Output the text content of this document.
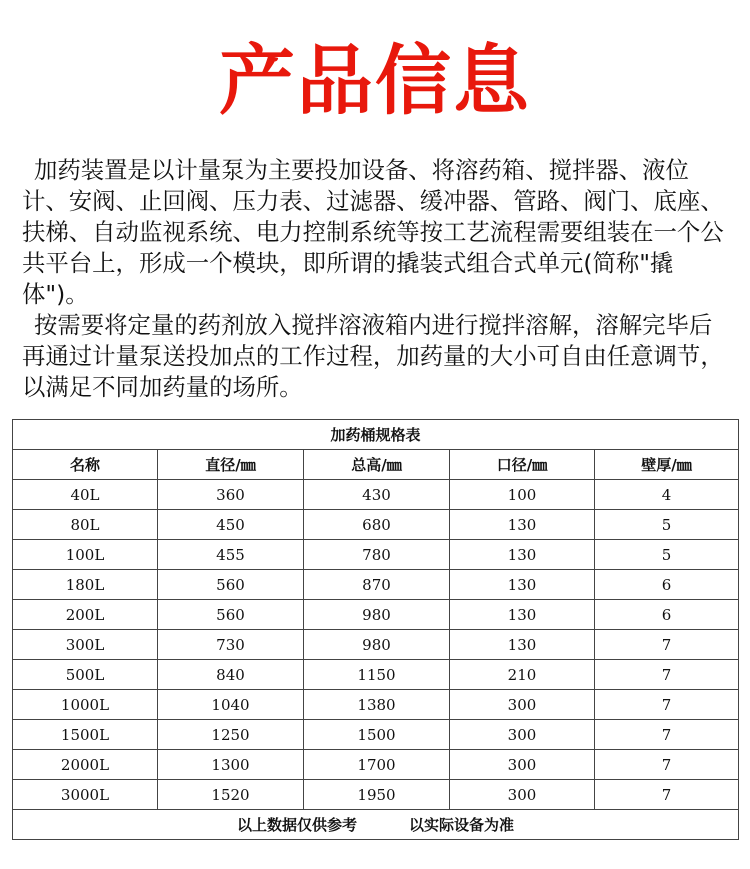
产品信息

加药装置是以计量泵为主要投加设备、将溶药箱、搅拌器、液位计、安阀、止回阀、压力表、过滤器、缓冲器、管路、阀门、底座、扶梯、自动监视系统、电力控制系统等按工艺流程需要组装在一个公共平台上，形成一个模块，即所谓的撬装式组合式单元(简称"撬体")。

按需要将定量的药剂放入搅拌溶液箱内进行搅拌溶解，溶解完毕后再通过计量泵送投加点的工作过程，加药量的大小可自由任意调节，以满足不同加药量的场所。

加药桶规格表				
名称	直径/㎜	总高/㎜	口径/㎜	壁厚/㎜
40L	360	430	100	4
80L	450	680	130	5
100L	455	780	130	5
180L	560	870	130	6
200L	560	980	130	6
300L	730	980	130	7
500L	840	1150	210	7
1000L	1040	1380	300	7
1500L	1250	1500	300	7
2000L	1300	1700	300	7
3000L	1520	1950	300	7
以上数据仅供参考 以实际设备为准				
